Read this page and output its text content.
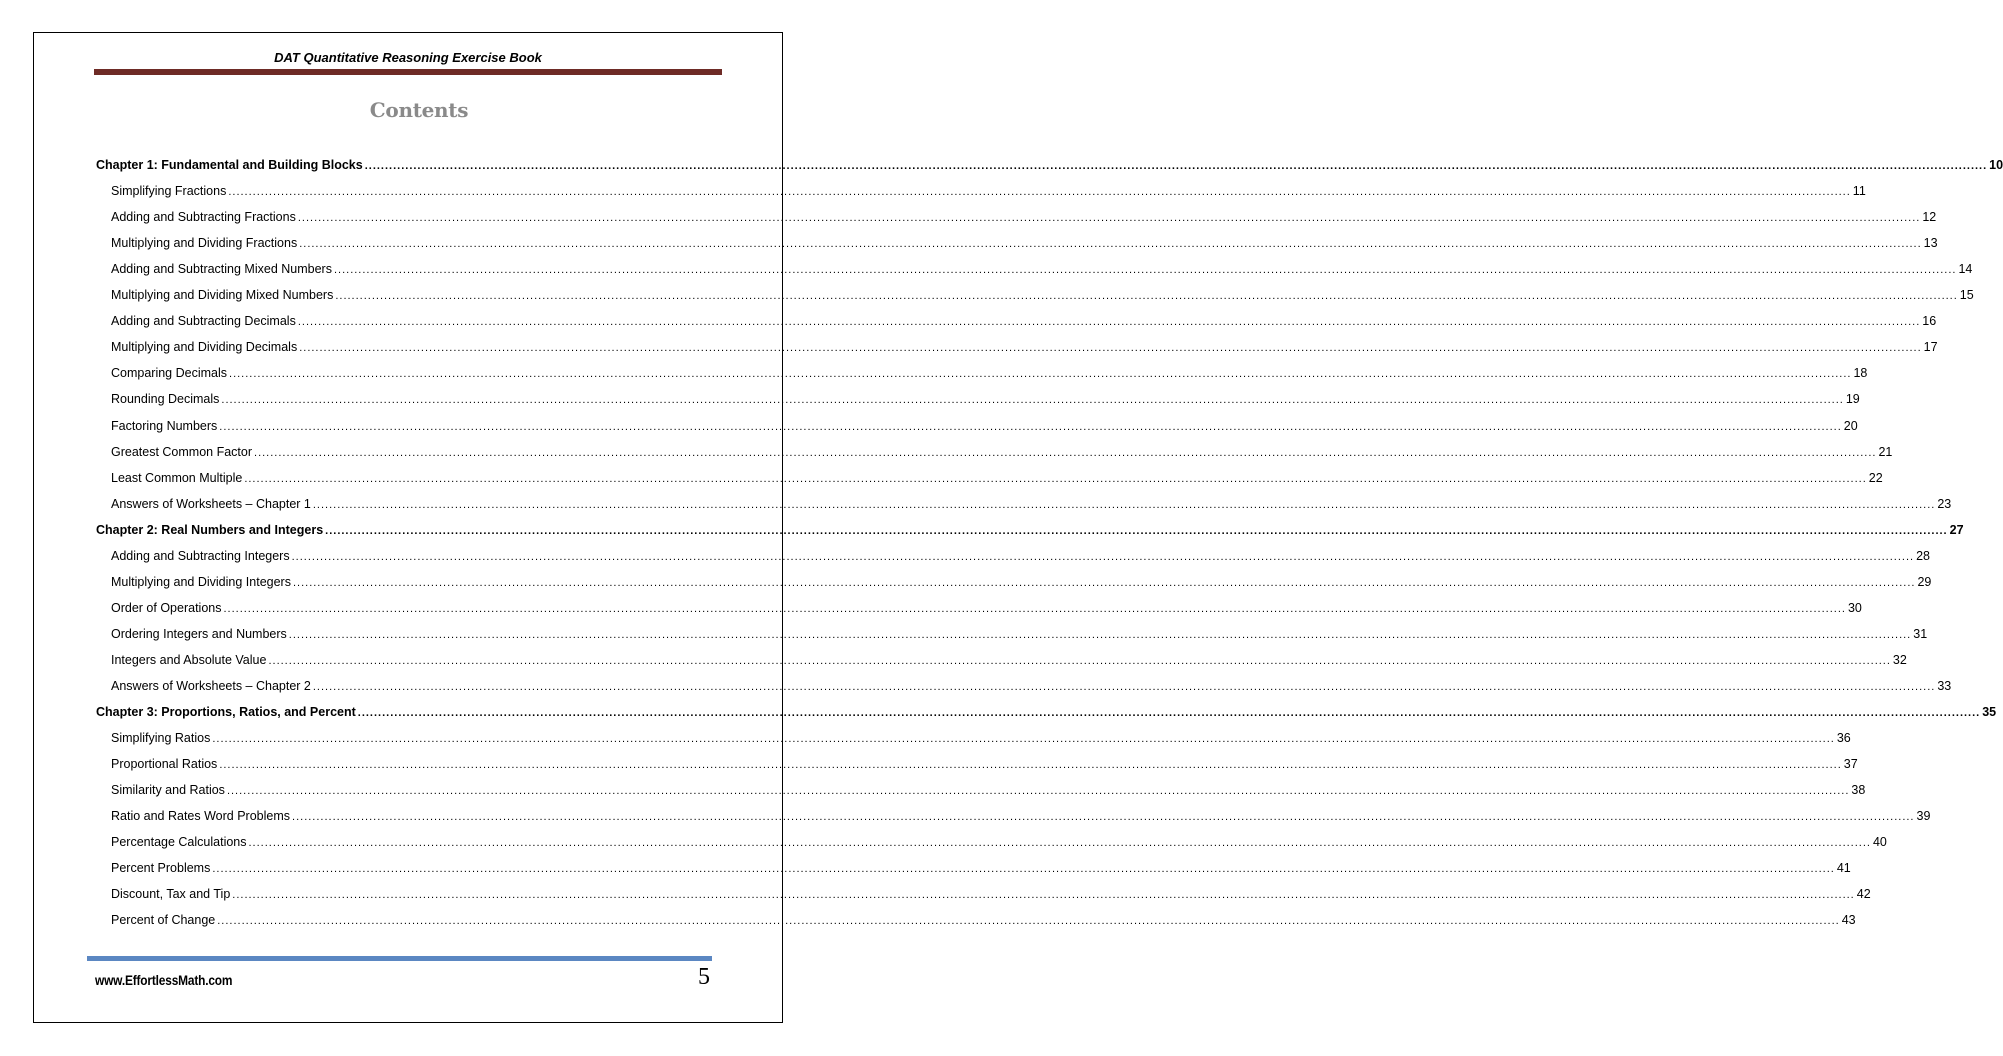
DAT Quantitative Reasoning Exercise Book
Contents
Chapter 1: Fundamental and Building Blocks ................................................................................................................................................................................................................................................................................................................................................................................................................ 10
Simplifying Fractions ................................................................................................................................................................................................................................................................................................................................................................................................................ 11
Adding and Subtracting Fractions ................................................................................................................................................................................................................................................................................................................................................................................................................ 12
Multiplying and Dividing Fractions ................................................................................................................................................................................................................................................................................................................................................................................................................ 13
Adding and Subtracting Mixed Numbers ................................................................................................................................................................................................................................................................................................................................................................................................................ 14
Multiplying and Dividing Mixed Numbers ................................................................................................................................................................................................................................................................................................................................................................................................................ 15
Adding and Subtracting Decimals ................................................................................................................................................................................................................................................................................................................................................................................................................ 16
Multiplying and Dividing Decimals ................................................................................................................................................................................................................................................................................................................................................................................................................ 17
Comparing Decimals ................................................................................................................................................................................................................................................................................................................................................................................................................ 18
Rounding Decimals ................................................................................................................................................................................................................................................................................................................................................................................................................ 19
Factoring Numbers ................................................................................................................................................................................................................................................................................................................................................................................................................ 20
Greatest Common Factor ................................................................................................................................................................................................................................................................................................................................................................................................................ 21
Least Common Multiple ................................................................................................................................................................................................................................................................................................................................................................................................................ 22
Answers of Worksheets – Chapter 1 ................................................................................................................................................................................................................................................................................................................................................................................................................ 23
Chapter 2: Real Numbers and Integers ................................................................................................................................................................................................................................................................................................................................................................................................................ 27
Adding and Subtracting Integers ................................................................................................................................................................................................................................................................................................................................................................................................................ 28
Multiplying and Dividing Integers ................................................................................................................................................................................................................................................................................................................................................................................................................ 29
Order of Operations ................................................................................................................................................................................................................................................................................................................................................................................................................ 30
Ordering Integers and Numbers ................................................................................................................................................................................................................................................................................................................................................................................................................ 31
Integers and Absolute Value ................................................................................................................................................................................................................................................................................................................................................................................................................ 32
Answers of Worksheets – Chapter 2 ................................................................................................................................................................................................................................................................................................................................................................................................................ 33
Chapter 3: Proportions, Ratios, and Percent ................................................................................................................................................................................................................................................................................................................................................................................................................ 35
Simplifying Ratios ................................................................................................................................................................................................................................................................................................................................................................................................................ 36
Proportional Ratios ................................................................................................................................................................................................................................................................................................................................................................................................................ 37
Similarity and Ratios ................................................................................................................................................................................................................................................................................................................................................................................................................ 38
Ratio and Rates Word Problems ................................................................................................................................................................................................................................................................................................................................................................................................................ 39
Percentage Calculations ................................................................................................................................................................................................................................................................................................................................................................................................................ 40
Percent Problems ................................................................................................................................................................................................................................................................................................................................................................................................................ 41
Discount, Tax and Tip ................................................................................................................................................................................................................................................................................................................................................................................................................ 42
Percent of Change ................................................................................................................................................................................................................................................................................................................................................................................................................ 43
www.EffortlessMath.com	5
